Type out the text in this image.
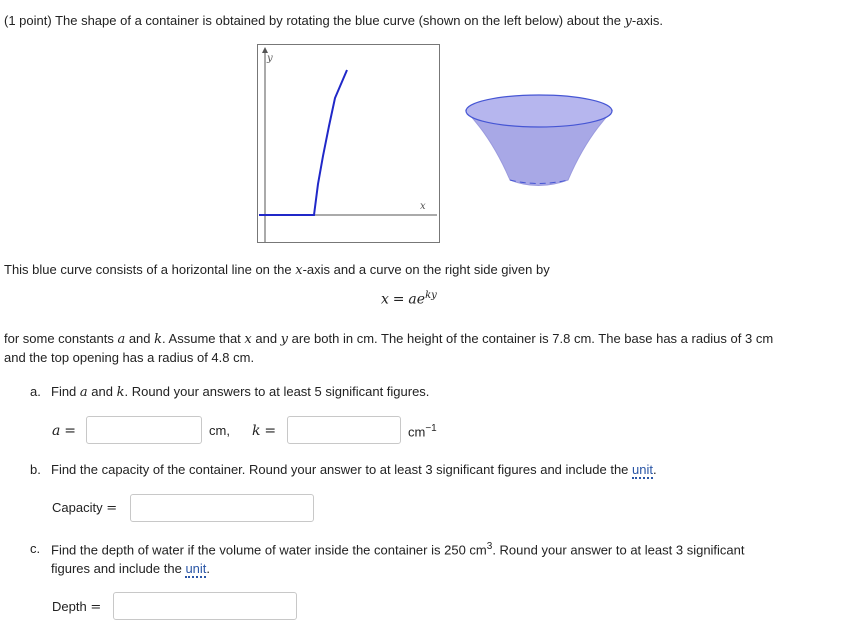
(1 point) The shape of a container is obtained by rotating the blue curve (shown on the left below) about the y-axis.
y
x
This blue curve consists of a horizontal line on the x-axis and a curve on the right side given by
$x = ae^{ky}$
for some constants a and k. Assume that x and y are both in cm. The height of the container is 7.8 cm. The base has a radius of 3 cm
and the top opening has a radius of 4.8 cm.
a. Find a and k. Round your answers to at least 5 significant figures.
a =	cm, k =	$cm^{-1}$
b. Find the capacity of the container. Round your answer to at least 3 significant figures and include the unit.
Capacity =
c. Find the depth of water if the volume of water inside the container is 250 $cm^3$. Round your answer to at least 3 significant
figures and include the unit.
Depth =
